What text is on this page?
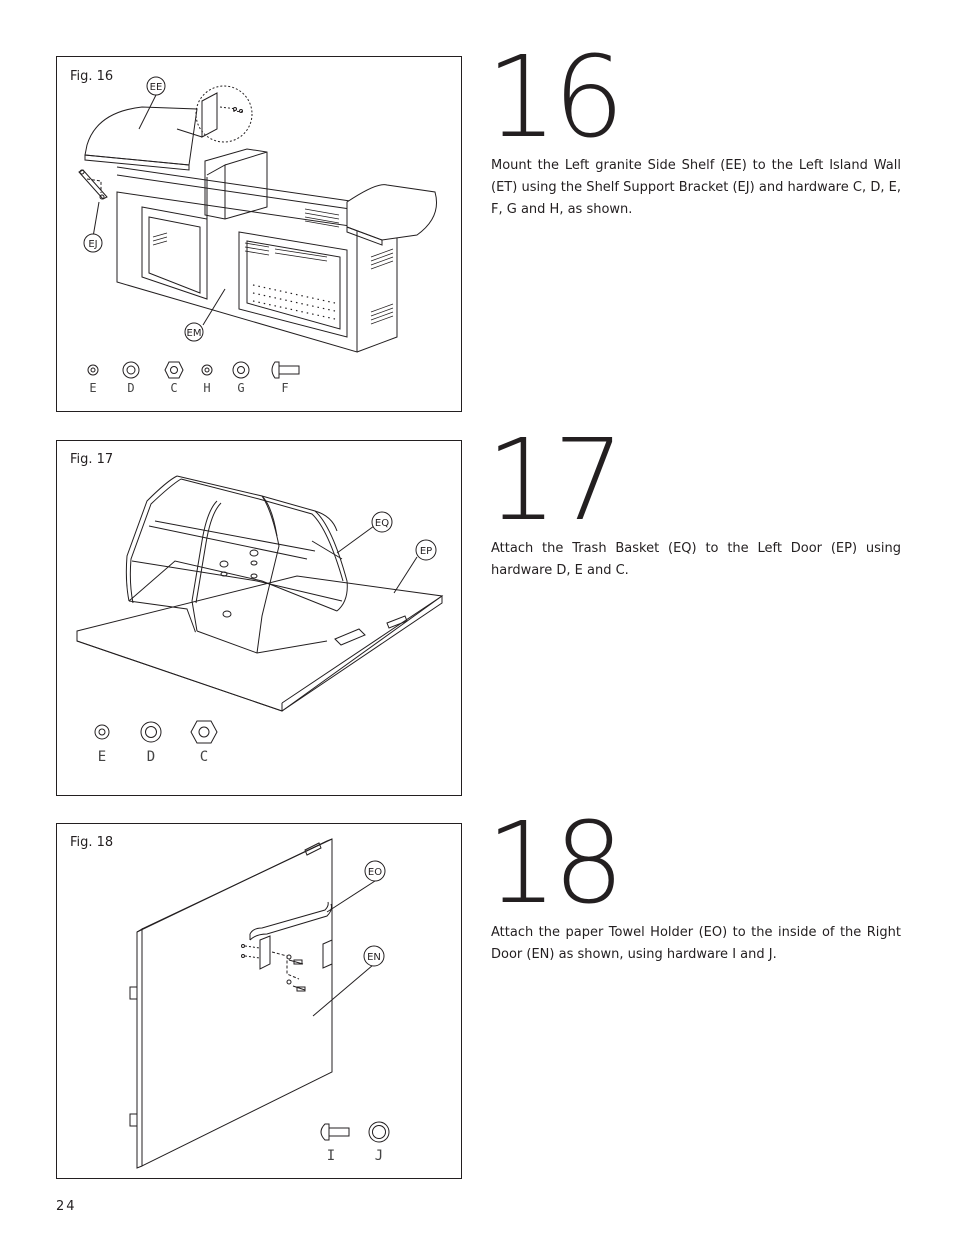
Fig. 16
EE
EJ
EM
E	D	C H G	F
16
Mount the Left granite Side Shelf (EE) to the Left Island Wall (ET) using the Shelf Support Bracket (EJ) and hardware C, D, E, F, G and H, as shown.
Fig. 17
EQ
EP
E	D	C
17
Attach the Trash Basket (EQ) to the Left Door (EP) using hardware D, E and C.
Fig. 18
EO
EN
I	J
18
Attach the paper Towel Holder (EO) to the inside of the Right Door (EN) as shown, using hardware I and J.
24
